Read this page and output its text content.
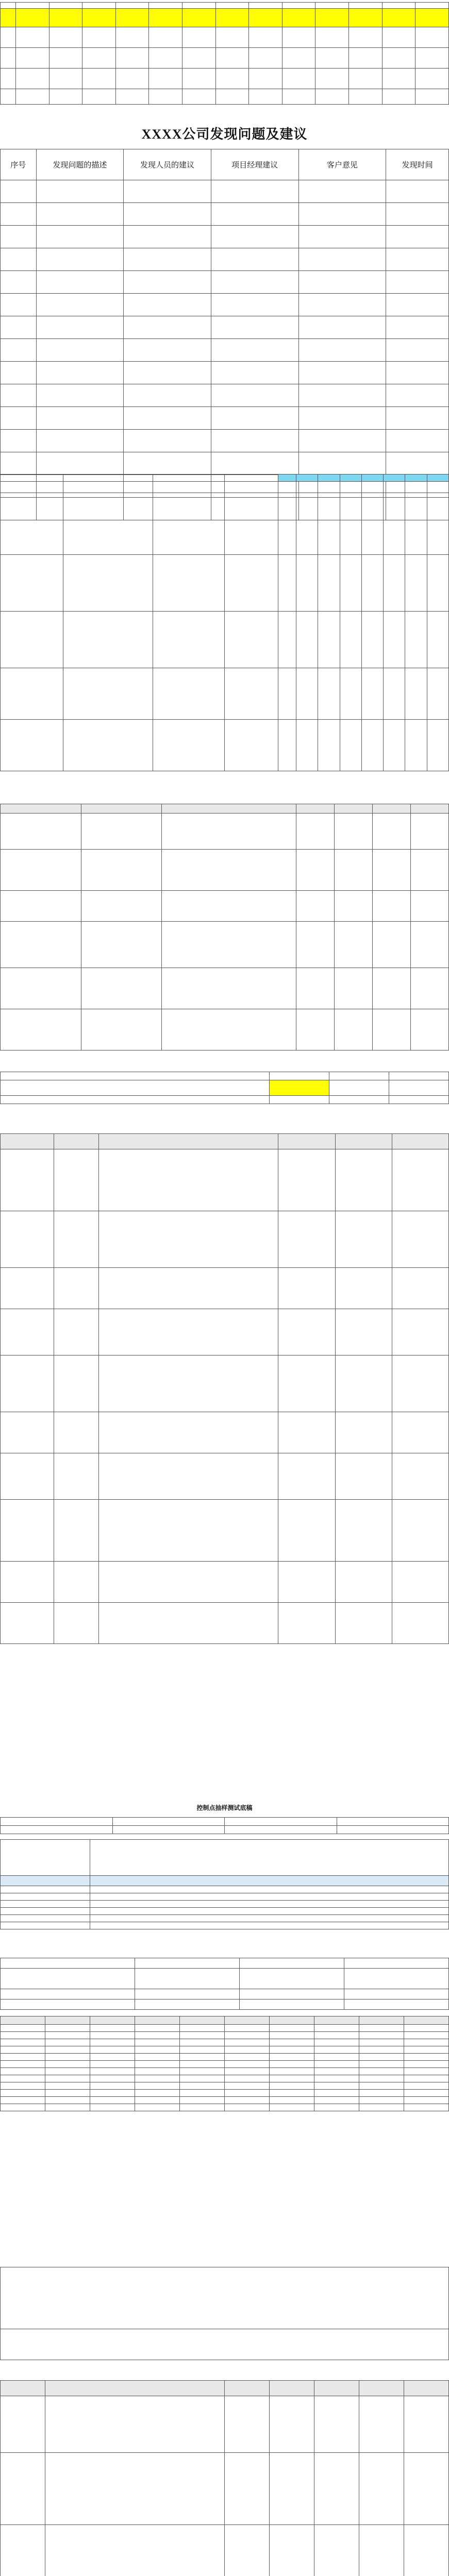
XXXX公司发现问题及建议
序号	发现问题的描述	发现人员的建议	项目经理建议	客户意见	发现时间

控制点抽样测试底稿
